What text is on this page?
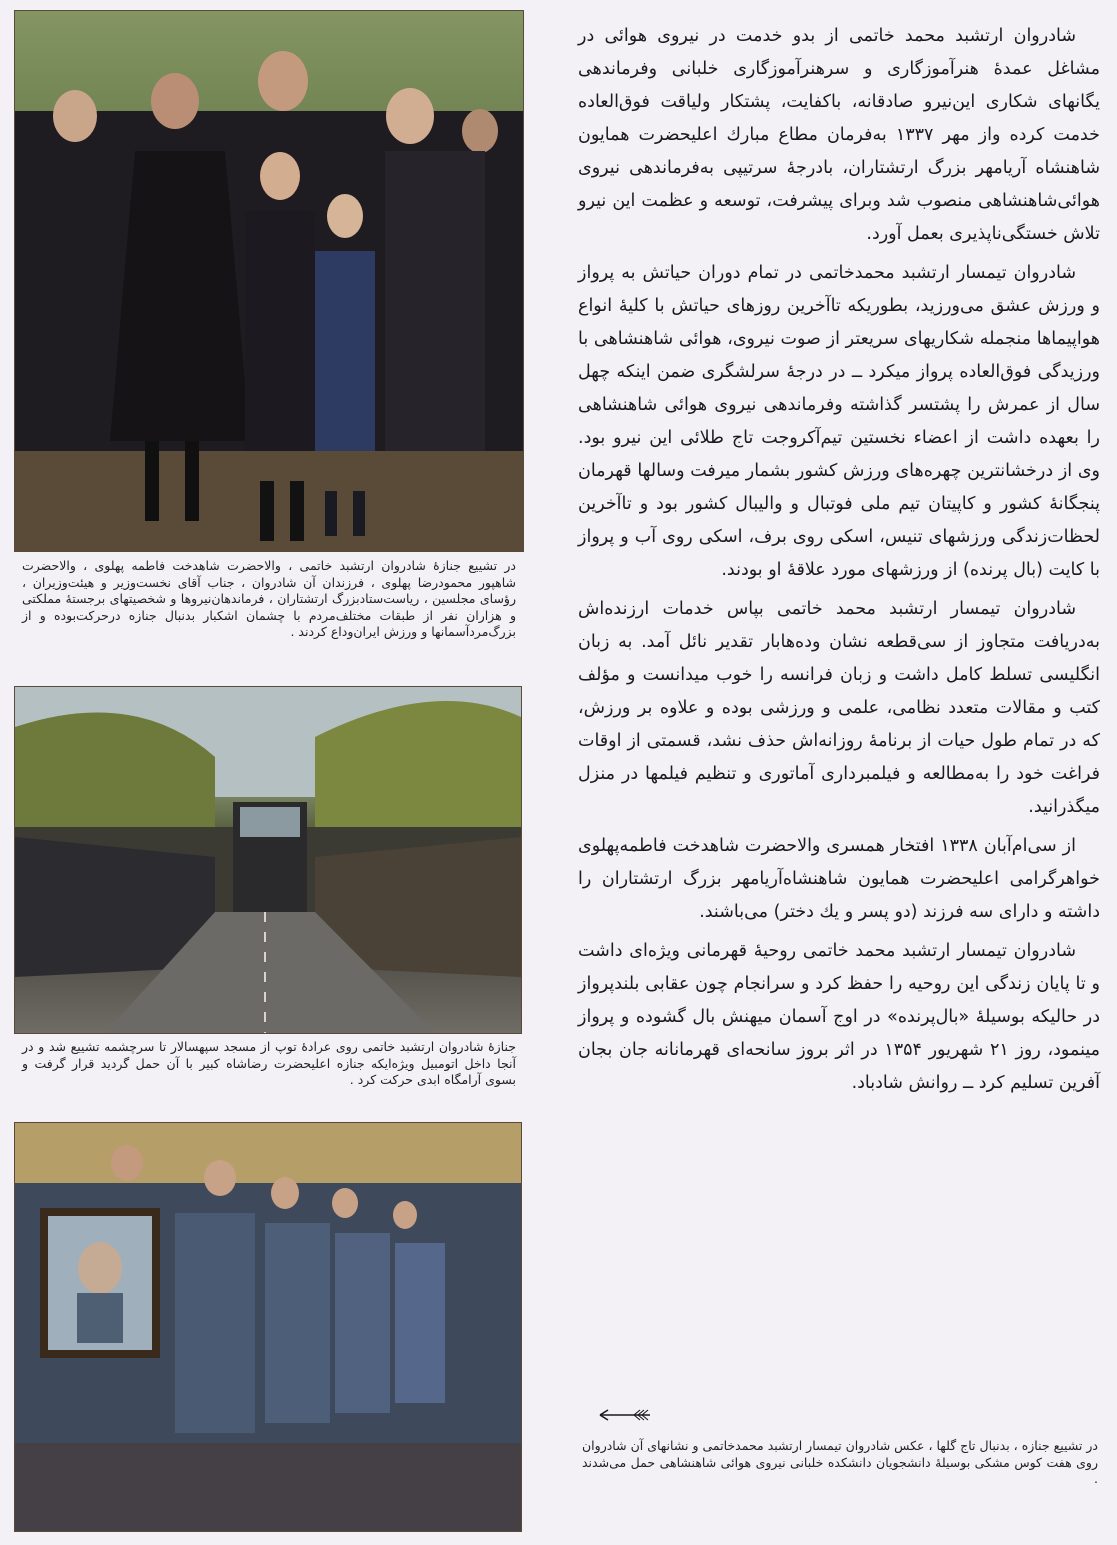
در تشییع جنازهٔ شادروان ارتشبد خاتمی ، والاحضرت شاهدخت فاطمه پهلوی ، والاحضرت شاهپور محمودرضا پهلوی ، فرزندان آن شادروان ، جناب آقای نخست‌وزیر و هیئت‌وزیران ، رؤسای مجلسین ، ریاست‌ستاد‌بزرگ ارتشتاران ، فرماندهان‌نیروها و شخصیتهای برجستهٔ مملکتی و هزاران نفر از طبقات مختلف‌مردم با چشمان اشکبار بدنبال جنازه درحرکت‌بوده و از بزرگ‌مرد‌آسمانها و ورزش ایران‌وداع کردند .

جنازهٔ شادروان ارتشبد خاتمی روی عرادهٔ توپ از مسجد سپهسالار تا سرچشمه تشییع شد و در آنجا داخل اتومبیل ویژه‌ایکه جنازه اعلیحضرت رضاشاه کبیر با آن حمل گردید قرار گرفت و بسوی آرامگاه ابدی حرکت کرد .

در تشییع جنازه ، بدنبال تاج گلها ، عکس شادروان تیمسار ارتشبد محمدخاتمی و نشانهای آن شادروان روی هفت کوس مشکی بوسیلهٔ دانشجویان دانشکده خلبانی نیروی هوائی شاهنشاهی حمل می‌شدند .

شادروان ارتشبد محمد خاتمی از بدو خدمت در نیروی هوائی در مشاغل عمدهٔ هنرآموزگاری و سرهنرآموزگاری خلبانی وفرماندهی یگانهای شکاری این‌نیرو صادقانه، باکفایت، پشتکار ولیاقت فوق‌العاده خدمت کرده واز مهر ۱۳۳۷ به‌فرمان مطاع مبارك اعلیحضرت همایون شاهنشاه آریامهر بزرگ ارتشتاران، بادرجهٔ سرتیپی به‌فرماندهی نیروی هوائی‌شاهنشاهی منصوب شد وبرای پیشرفت، توسعه و عظمت این نیرو تلاش خستگی‌ناپذیری بعمل آورد.

شادروان تیمسار ارتشبد محمدخاتمی در تمام دوران حیاتش به پرواز و ورزش عشق می‌ورزید، بطوریکه تاآخرین روزهای حیاتش با کلیهٔ انواع هواپیماها منجمله شکاریهای سریعتر از صوت نیروی، هوائی شاهنشاهی با ورزیدگی فوق‌العاده پرواز میکرد ــ در درجهٔ سرلشگری ضمن اینکه چهل سال از عمرش را پشتسر گذاشته وفرماندهی نیروی هوائی شاهنشاهی را بعهده داشت از اعضاء نخستین تیم‌آکروجت تاج طلائی این نیرو بود. وی از درخشانترین چهره‌های ورزش کشور بشمار میرفت وسالها قهرمان پنجگانهٔ کشور و کاپیتان تیم ملی فوتبال و والیبال کشور بود و تاآخرین لحظات‌زندگی ورزشهای تنیس، اسکی روی برف، اسکی روی آب و پرواز با کایت (بال پرنده) از ورزشهای مورد علاقهٔ او بودند.

شادروان تیمسار ارتشبد محمد خاتمی بپاس خدمات ارزنده‌اش به‌دریافت متجاوز از سی‌قطعه نشان وده‌هابار تقدیر نائل آمد. به زبان انگلیسی تسلط کامل داشت و زبان فرانسه را خوب میدانست و مؤلف کتب و مقالات متعدد نظامی، علمی و ورزشی بوده و علاوه بر ورزش، که در تمام طول حیات از برنامهٔ روزانه‌اش حذف نشد، قسمتی از اوقات فراغت خود را به‌مطالعه و فیلمبرداری آماتوری و تنظیم فیلمها در منزل میگذرانید.

از سی‌ام‌آبان ۱۳۳۸ افتخار همسری والاحضرت شاهدخت فاطمه‌پهلوی خواهرگرامی اعلیحضرت همایون شاهنشاه‌آریامهر بزرگ ارتشتاران را داشته و دارای سه فرزند (دو پسر و یك دختر) می‌باشند.

شادروان تیمسار ارتشبد محمد خاتمی روحیهٔ قهرمانی ویژه‌ای داشت و تا پایان زندگی این روحیه را حفظ کرد و سرانجام چون عقابی بلندپرواز در حالیکه بوسیلهٔ «بال‌پرنده» در اوج آسمان میهنش بال گشوده و پرواز مینمود، روز ۲۱ شهریور ۱۳۵۴ در اثر بروز سانحه‌ای قهرمانانه جان بجان آفرین تسلیم کرد ــ روانش شادباد.
